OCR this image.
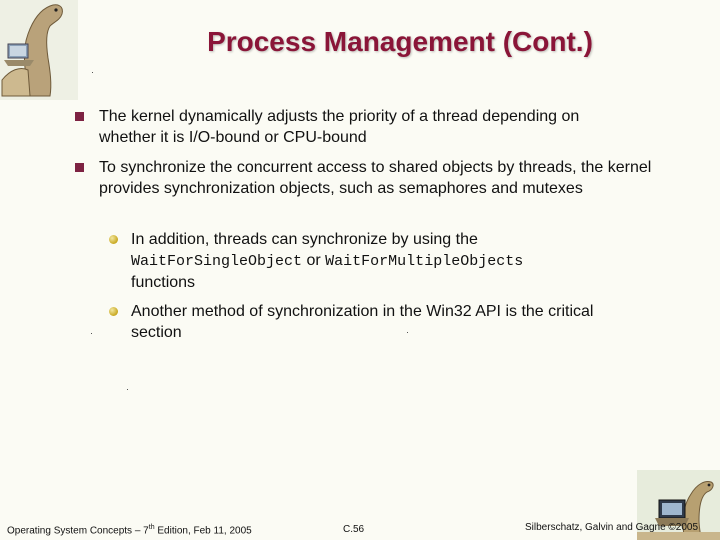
Process Management (Cont.)
The kernel dynamically adjusts the priority of a thread depending on whether it is I/O-bound or CPU-bound
To synchronize the concurrent access to shared objects by threads, the kernel provides synchronization objects, such as semaphores and mutexes
In addition, threads can synchronize by using the
WaitForSingleObject or WaitForMultipleObjects
functions
Another method of synchronization in the Win32 API is the critical section
Operating System Concepts – 7th Edition, Feb 11, 2005	C.56	Silberschatz, Galvin and Gagne ©2005
